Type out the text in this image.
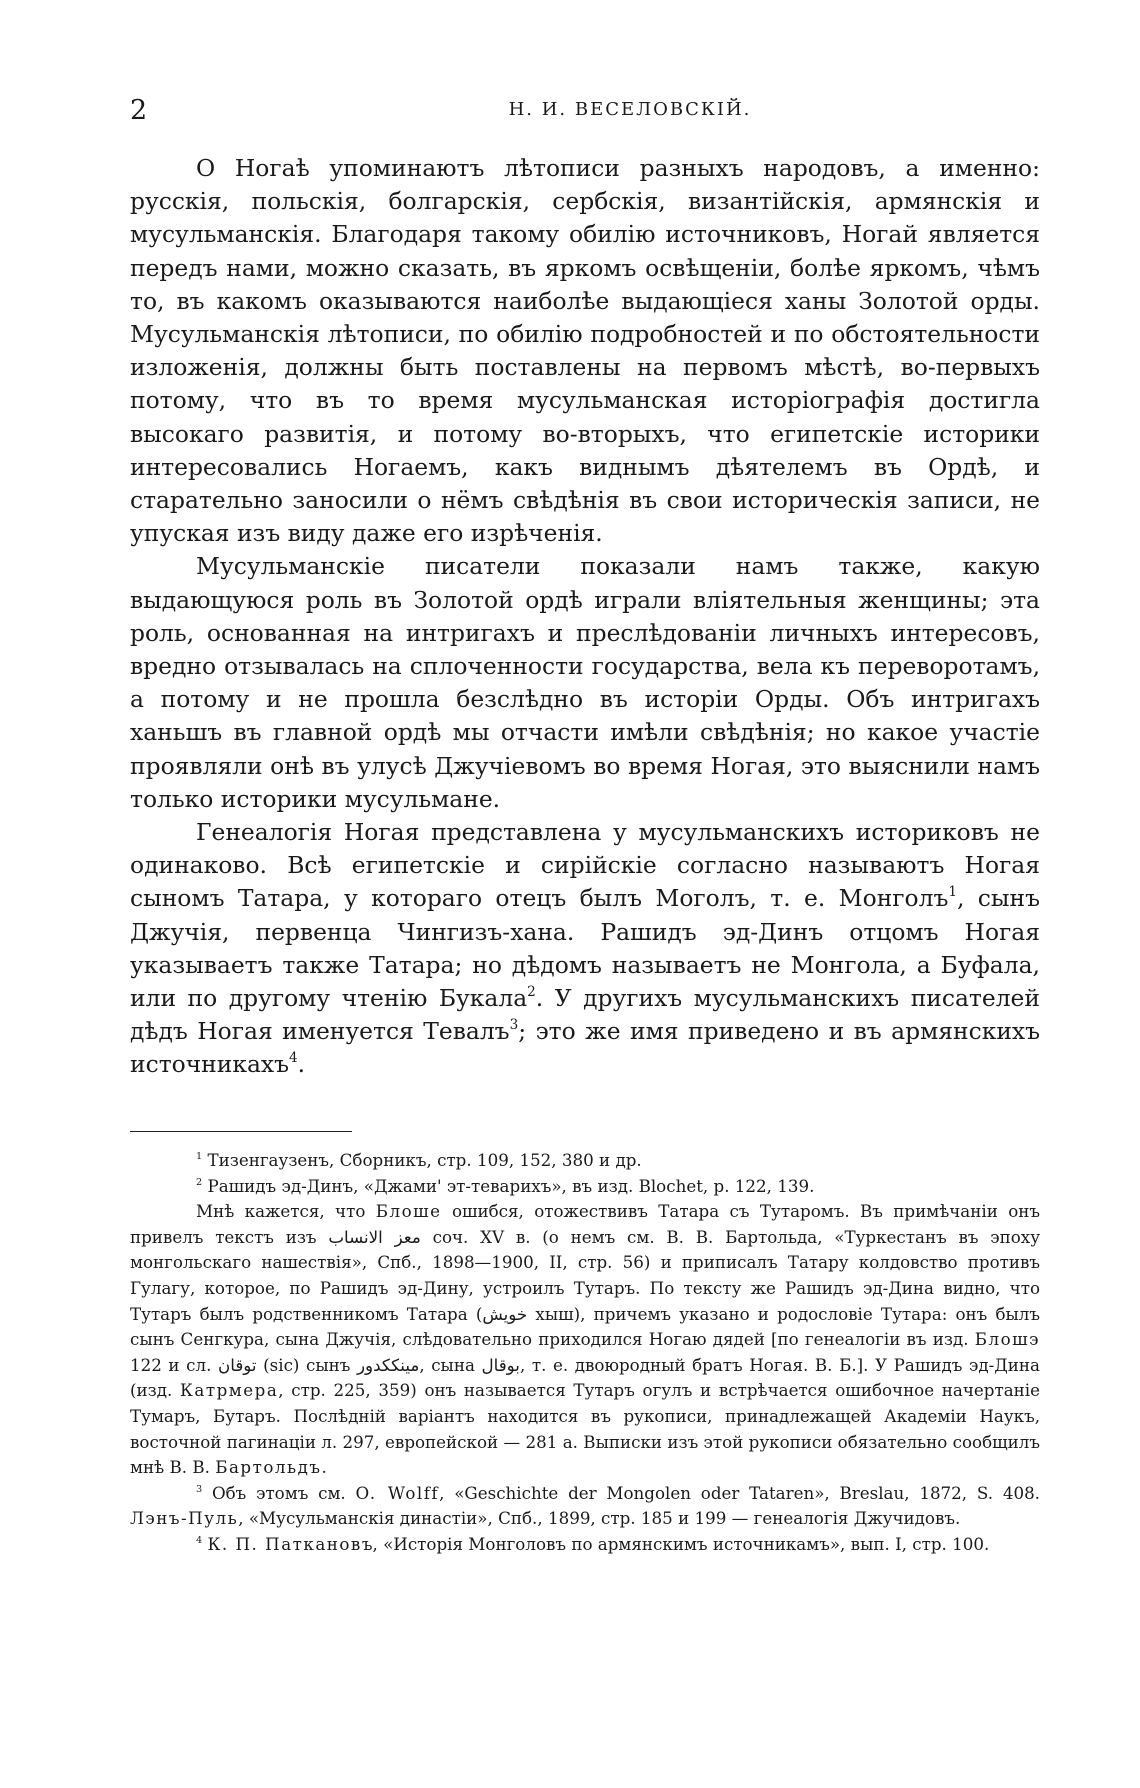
2	Н. И. ВЕСЕЛОВСКІЙ.

О Ногаѣ упоминаютъ лѣтописи разныхъ народовъ, а именно: русскія, польскія, болгарскія, сербскія, византійскія, армянскія и мусульманскія. Благодаря такому обилію источниковъ, Ногай является передъ нами, можно сказать, въ яркомъ освѣщеніи, болѣе яркомъ, чѣмъ то, въ какомъ оказываются наиболѣе выдающіеся ханы Золотой орды. Мусульманскія лѣтописи, по обилію подробностей и по обстоятельности изложенія, должны быть поставлены на первомъ мѣстѣ, во-первыхъ потому, что въ то время мусульманская исторіографія достигла высокаго развитія, и потому во-вторыхъ, что египетскіе историки интересовались Ногаемъ, какъ виднымъ дѣятелемъ въ Ордѣ, и старательно заносили о нёмъ свѣдѣнія въ свои историческія записи, не упуская изъ виду даже его изрѣченія.

Мусульманскіе писатели показали намъ также, какую выдающуюся роль въ Золотой ордѣ играли вліятельныя женщины; эта роль, основанная на интригахъ и преслѣдованіи личныхъ интересовъ, вредно отзывалась на сплоченности государства, вела къ переворотамъ, а потому и не прошла безслѣдно въ исторіи Орды. Объ интригахъ ханьшъ въ главной ордѣ мы отчасти имѣли свѣдѣнія; но какое участіе проявляли онѣ въ улусѣ Джучіевомъ во время Ногая, это выяснили намъ только историки мусульмане.

Генеалогія Ногая представлена у мусульманскихъ историковъ не одинаково. Всѣ египетскіе и сирійскіе согласно называютъ Ногая сыномъ Татара, у котораго отецъ былъ Моголъ, т. е. Монголъ$^1$, сынъ Джучія, первенца Чингизъ-хана. Рашидъ эд-Динъ отцомъ Ногая указываетъ также Татара; но дѣдомъ называетъ не Монгола, а Буфала, или по другому чтенію Букала$^2$. У другихъ мусульманскихъ писателей дѣдъ Ногая именуется Тевалъ$^3$; это же имя приведено и въ армянскихъ источникахъ$^4$.

$^1$ Тизенгаузенъ, Сборникъ, стр. 109, 152, 380 и др.

$^2$ Рашидъ эд-Динъ, «Джами' эт-теварихъ», въ изд. Blochet, p. 122, 139.

Мнѣ кажется, что Блоше ошибся, отожествивъ Татара съ Тутаромъ. Въ примѣчаніи онъ привелъ текстъ изъ معز الانساب соч. XV в. (о немъ см. В. В. Бартольда, «Туркестанъ въ эпоху монгольскаго нашествія», Спб., 1898—1900, II, стр. 56) и приписалъ Татару колдовство противъ Гулагу, которое, по Рашидъ эд-Дину, устроилъ Тутаръ. По тексту же Рашидъ эд-Дина видно, что Тутаръ былъ родственникомъ Татара (خویش хыш), причемъ указано и родословіе Тутара: онъ былъ сынъ Сенгкура, сына Джучія, слѣдовательно приходился Ногаю дядей [по генеалогіи въ изд. Блошэ 122 и сл. توقان (sic) сынъ مینککدور, сына بوقال, т. е. двоюродный братъ Ногая. В. Б.]. У Рашидъ эд-Дина (изд. Катрмера, стр. 225, 359) онъ называется Тутаръ огулъ и встрѣчается ошибочное начертаніе Тумаръ, Бутаръ. Послѣдній варіантъ находится въ рукописи, принадлежащей Академіи Наукъ, восточной пагинаціи л. 297, европейской — 281 а. Выписки изъ этой рукописи обязательно сообщилъ мнѣ В. В. Бартольдъ.

$^3$ Объ этомъ см. O. Wolff, «Geschichte der Mongolen oder Tataren», Breslau, 1872, S. 408. Лэнъ-Пуль, «Мусульманскія династіи», Спб., 1899, стр. 185 и 199 — генеалогія Джучидовъ.

$^4$ К. П. Паткановъ, «Исторія Монголовъ по армянскимъ источникамъ», вып. I, стр. 100.
